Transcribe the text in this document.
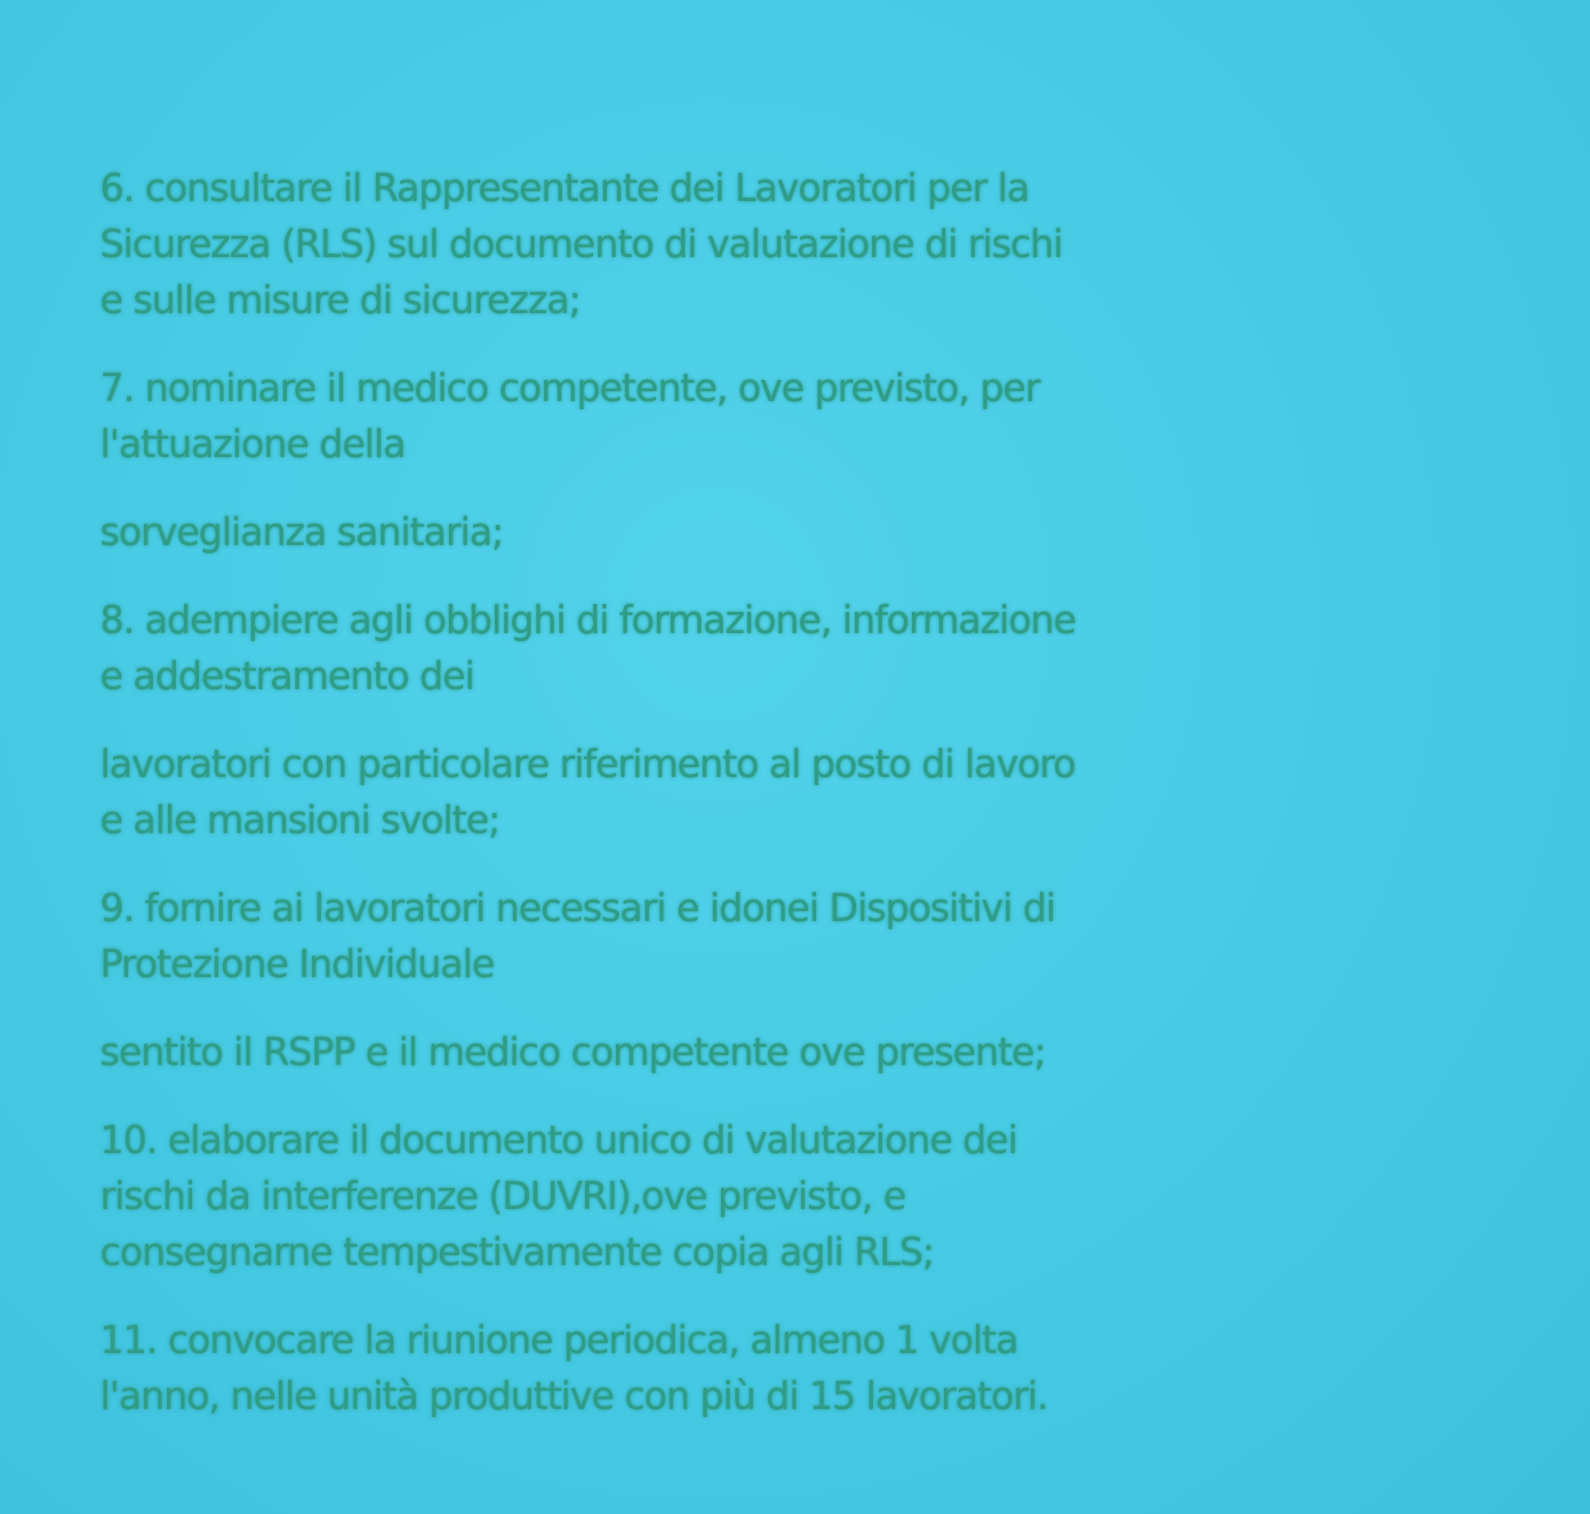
6. consultare il Rappresentante dei Lavoratori per la
Sicurezza (RLS) sul documento di valutazione di rischi
e sulle misure di sicurezza;
7. nominare il medico competente, ove previsto, per
l'attuazione della
sorveglianza sanitaria;
8. adempiere agli obblighi di formazione, informazione
e addestramento dei
lavoratori con particolare riferimento al posto di lavoro
e alle mansioni svolte;
9. fornire ai lavoratori necessari e idonei Dispositivi di
Protezione Individuale
sentito il RSPP e il medico competente ove presente;
10. elaborare il documento unico di valutazione dei
rischi da interferenze (DUVRI),ove previsto, e
consegnarne tempestivamente copia agli RLS;
11. convocare la riunione periodica, almeno 1 volta
l'anno, nelle unità produttive con più di 15 lavoratori.
